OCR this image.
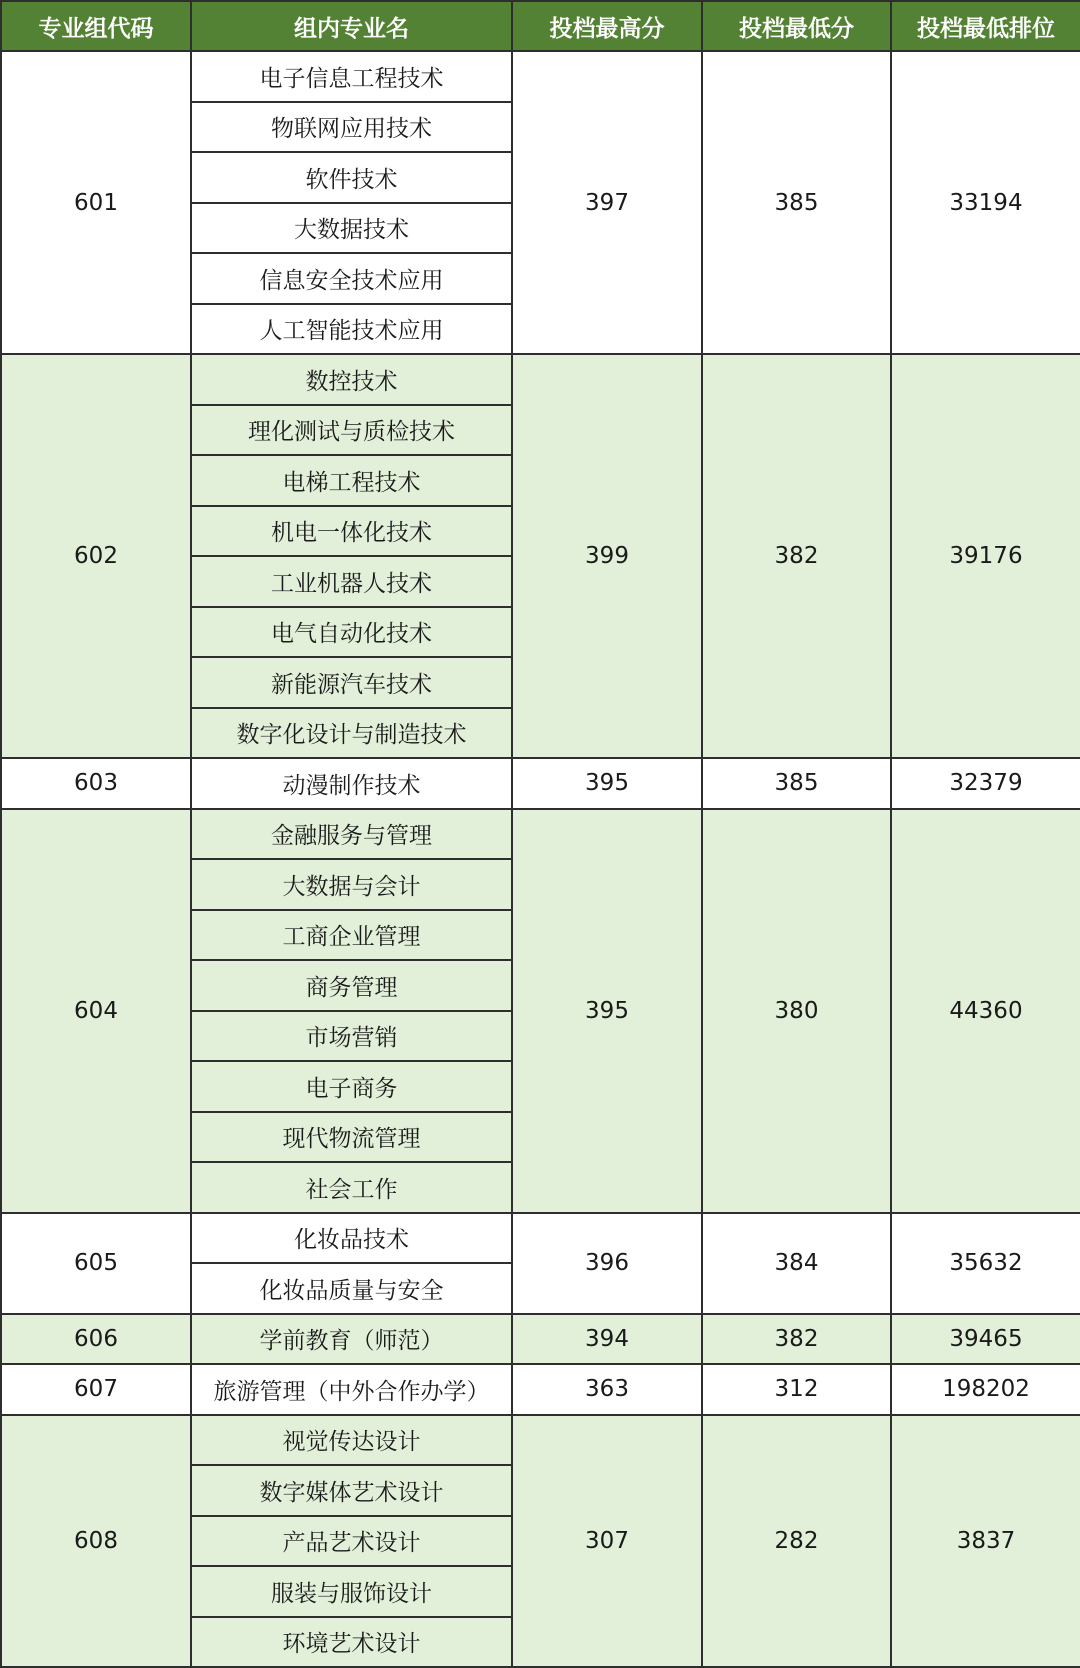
专业组代码	组内专业名	投档最高分	投档最低分	投档最低排位
601	电子信息工程技术	397	385	33194
	物联网应用技术			
	软件技术			
	大数据技术			
	信息安全技术应用			
	人工智能技术应用			
602	数控技术	399	382	39176
	理化测试与质检技术			
	电梯工程技术			
	机电一体化技术			
	工业机器人技术			
	电气自动化技术			
	新能源汽车技术			
	数字化设计与制造技术			
603	动漫制作技术	395	385	32379
604	金融服务与管理	395	380	44360
	大数据与会计			
	工商企业管理			
	商务管理			
	市场营销			
	电子商务			
	现代物流管理			
	社会工作			
605	化妆品技术	396	384	35632
	化妆品质量与安全			
606	学前教育（师范）	394	382	39465
607	旅游管理（中外合作办学）	363	312	198202
608	视觉传达设计	307	282	3837
	数字媒体艺术设计			
	产品艺术设计			
	服装与服饰设计			
	环境艺术设计			
